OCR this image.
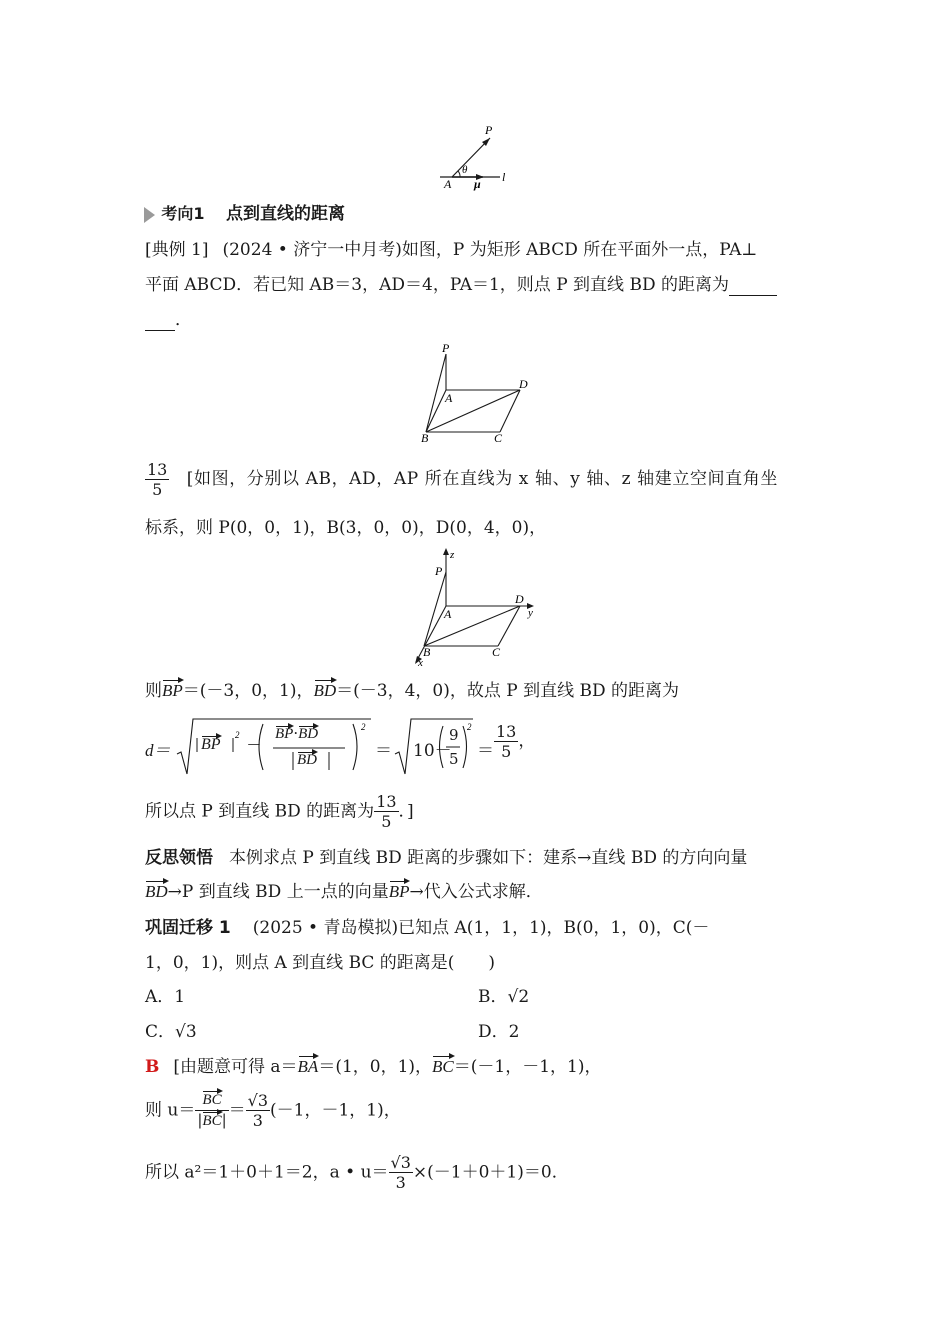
P
A
θ
μ l
考向1 点到直线的距离
[典例 1] (2024 • 济宁一中月考)如图，P 为矩形 ABCD 所在平面外一点，PA⊥
平面 ABCD．若已知 AB＝3，AD＝4，PA＝1，则点 P 到直线 BD 的距离为
．
P
A
B	C
D
$\frac{13}{5}$ [如图，分别以 AB，AD，AP 所在直线为 x 轴、y 轴、z 轴建立空间直角坐
标系，则 P(0，0，1)，B(3，0，0)，D(0，4，0)，
z
P
A
D
y
B	C
x
则BP＝(－3，0，1)，BD＝(－3，4，0)，故点 P 到直线 BD 的距离为
d＝
2
－
2
BP
BP·BD
BD	＝
2
10－
9
$5 = \frac{13}{5}$ ，
所以点 P 到直线 BD 的距离为 $\frac{13}{5}$ ．]
反思领悟 本例求点 P 到直线 BD 距离的步骤如下：建系→直线 BD 的方向向量
BD→P 到直线 BD 上一点的向量BP→代入公式求解．
巩固迁移 1 (2025 • 青岛模拟)已知点 A(1，1，1)，B(0，1，0)，C(－
1，0，1)，则点 A 到直线 BC 的距离是(　　)
A．1	B．√2
C．√3	D．2
B [由题意可得 a＝BA＝(1，0，1)，BC＝(－1，－1，1)，
则 $u= \frac{BC}{|BC|} = \frac{√3}{3} (-1$，－1，1)，
所以 a²＝1＋0＋1＝2，a • $u= \frac{√3}{3} \times(-1+0+1)=0$．
